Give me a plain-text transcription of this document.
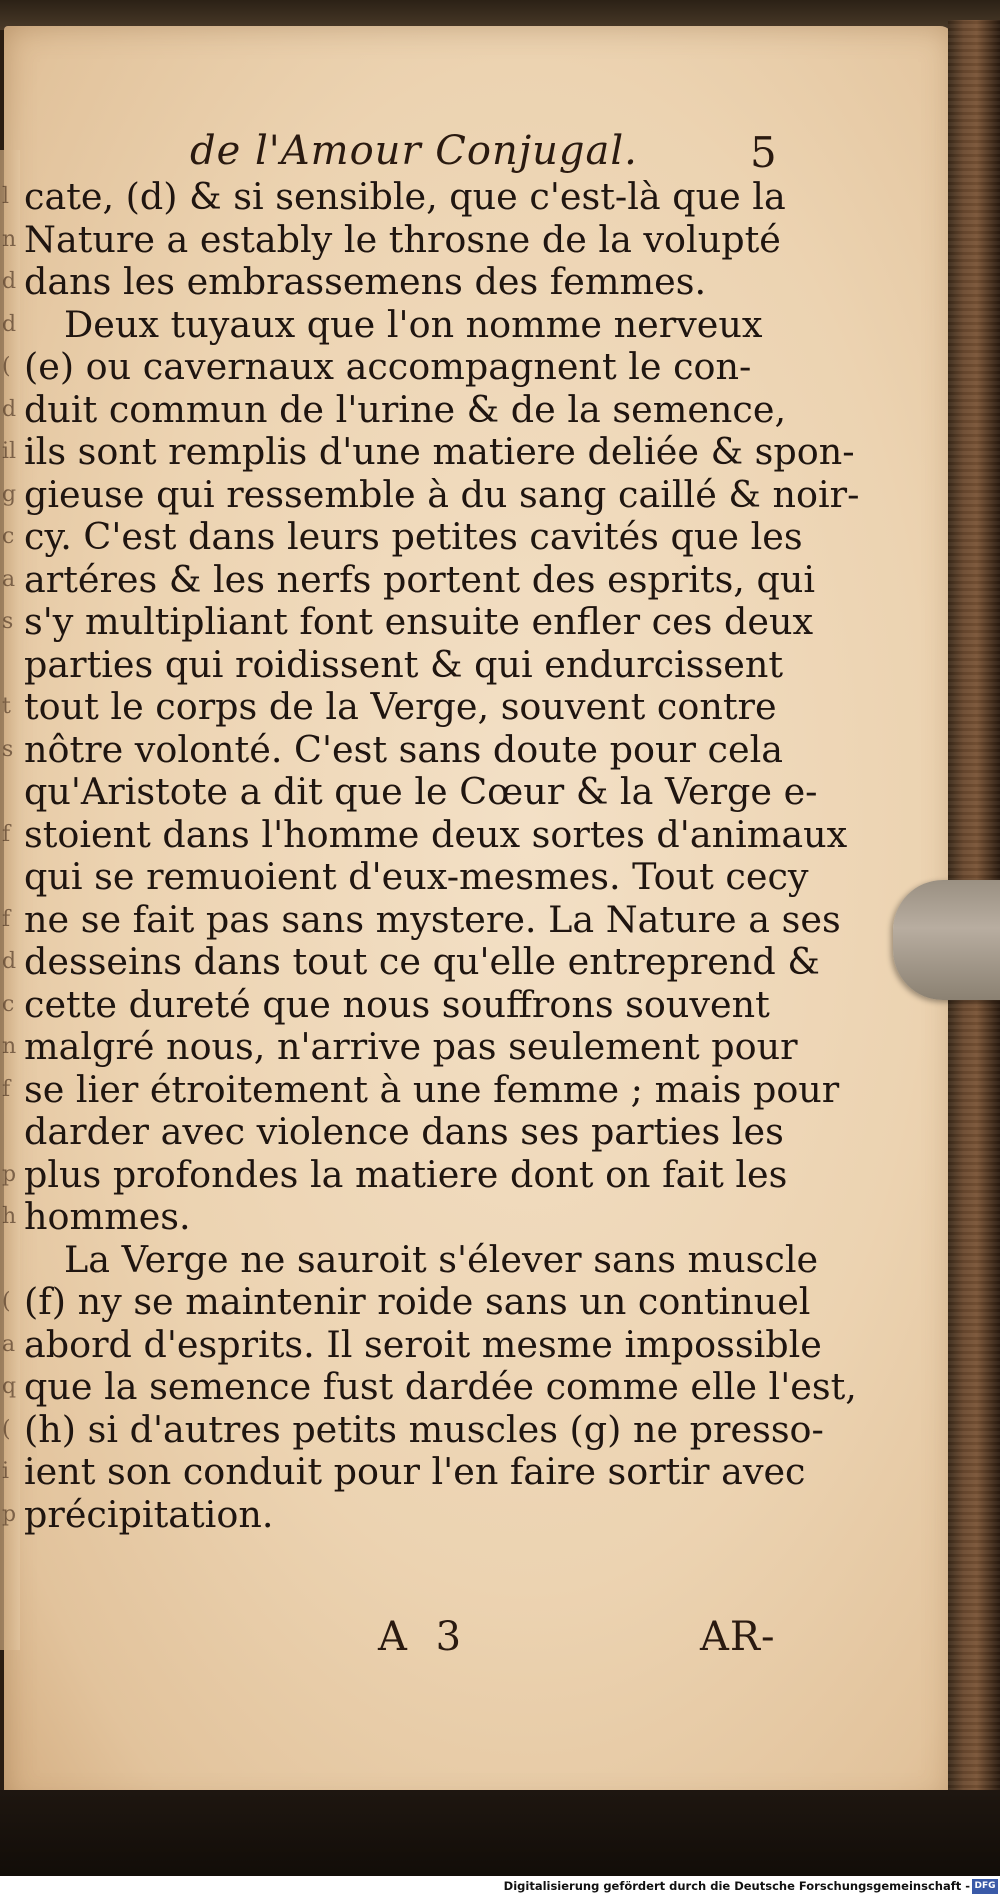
l
n
d
d
(
d
il
g
c
a
s
t
s
f
f
d
c
n
f
p
h
(
a
q
(
i
p
de l'Amour Conjugal.	5
cate, (d) & si sensible, que c'est-là que la
Nature a estably le throsne de la volupté
dans les embrassemens des femmes.
Deux tuyaux que l'on nomme nerveux
(e) ou cavernaux accompagnent le con-
duit commun de l'urine & de la semence,
ils sont remplis d'une matiere deliée & spon-
gieuse qui ressemble à du sang caillé & noir-
cy. C'est dans leurs petites cavités que les
artéres & les nerfs portent des esprits, qui
s'y multipliant font ensuite enfler ces deux
parties qui roidissent & qui endurcissent
tout le corps de la Verge, souvent contre
nôtre volonté. C'est sans doute pour cela
qu'Aristote a dit que le Cœur & la Verge e-
stoient dans l'homme deux sortes d'animaux
qui se remuoient d'eux-mesmes. Tout cecy
ne se fait pas sans mystere. La Nature a ses
desseins dans tout ce qu'elle entreprend &
cette dureté que nous souffrons souvent
malgré nous, n'arrive pas seulement pour
se lier étroitement à une femme ; mais pour
darder avec violence dans ses parties les
plus profondes la matiere dont on fait les
hommes.
La Verge ne sauroit s'élever sans muscle
(f) ny se maintenir roide sans un continuel
abord d'esprits. Il seroit mesme impossible
que la semence fust dardée comme elle l'est,
(h) si d'autres petits muscles (g) ne presso-
ient son conduit pour l'en faire sortir avec
précipitation.
A 3	AR-
Digitalisierung gefördert durch die Deutsche Forschungsgemeinschaft - DFG
